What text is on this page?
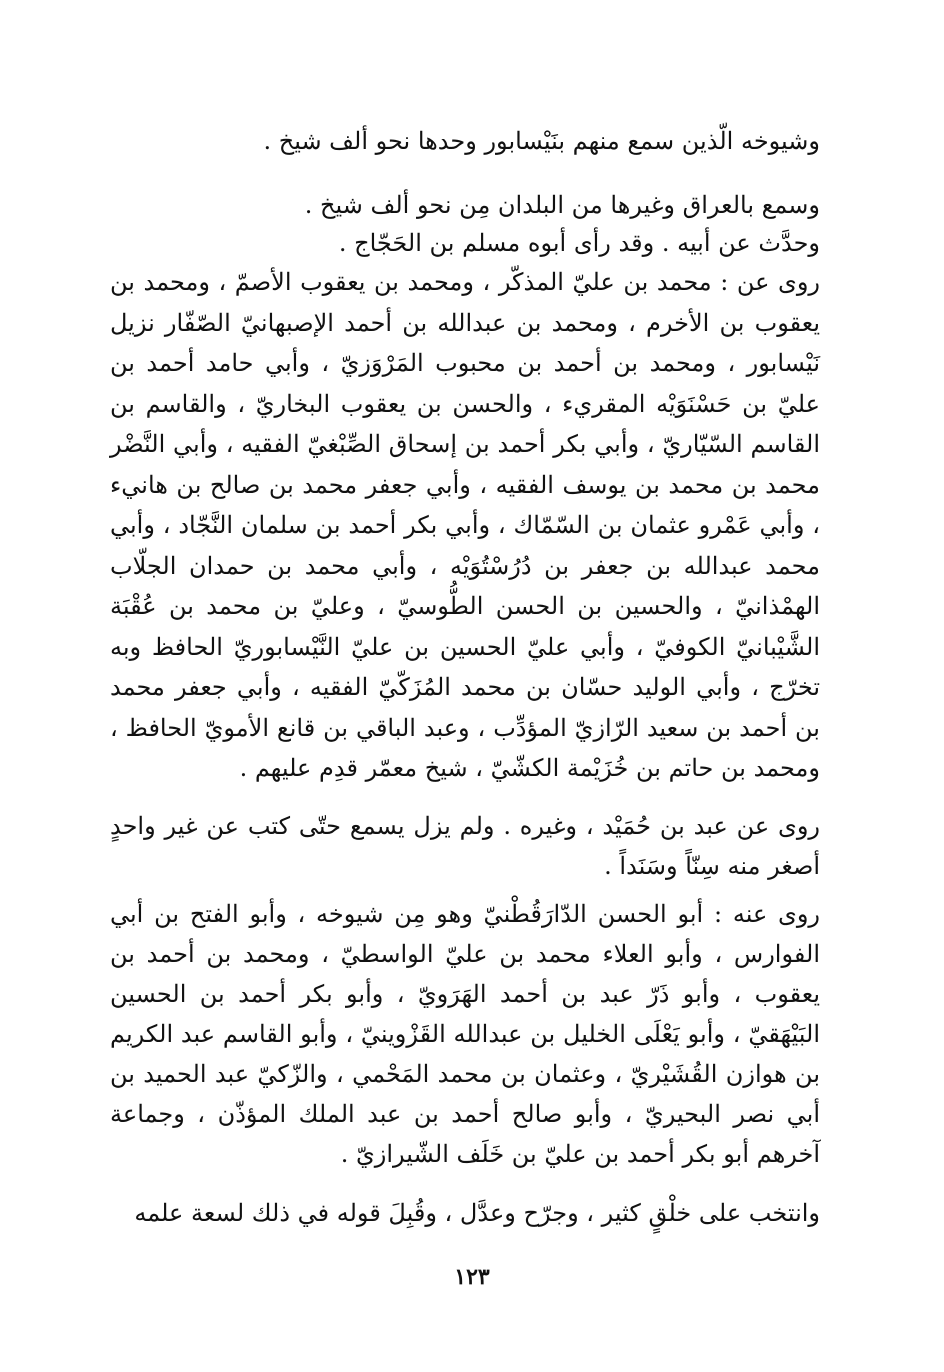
وشيوخه الّذين سمع منهم بنَيْسابور وحدها نحو ألف شيخ .

وسمع بالعراق وغيرها من البلدان مِن نحو ألف شيخ .

وحدَّث عن أبيه . وقد رأى أبوه مسلم بن الحَجّاج .

روى عن : محمد بن عليّ المذكّر ، ومحمد بن يعقوب الأصمّ ، ومحمد بن يعقوب بن الأخرم ، ومحمد بن عبدالله بن أحمد الإصبهانيّ الصّفّار نزيل نَيْسابور ، ومحمد بن أحمد بن محبوب المَرْوَزيّ ، وأبي حامد أحمد بن عليّ بن حَسْنَوَيْه المقريء ، والحسن بن يعقوب البخاريّ ، والقاسم بن القاسم السّيّاريّ ، وأبي بكر أحمد بن إسحاق الصِّبْغيّ الفقيه ، وأبي النَّضْر محمد بن محمد بن يوسف الفقيه ، وأبي جعفر محمد بن صالح بن هانيء ، وأبي عَمْرو عثمان بن السّمّاك ، وأبي بكر أحمد بن سلمان النَّجّاد ، وأبي محمد عبدالله بن جعفر بن دُرُسْتُوَيْه ، وأبي محمد بن حمدان الجلّاب الهمْذانيّ ، والحسين بن الحسن الطُّوسيّ ، وعليّ بن محمد بن عُقْبَة الشَّيْبانيّ الكوفيّ ، وأبي عليّ الحسين بن عليّ النَّيْسابوريّ الحافظ وبه تخرّج ، وأبي الوليد حسّان بن محمد المُزَكّيّ الفقيه ، وأبي جعفر محمد بن أحمد بن سعيد الرّازيّ المؤدِّب ، وعبد الباقي بن قانع الأمويّ الحافظ ، ومحمد بن حاتم بن خُزَيْمة الكشّيّ ، شيخ معمّر قدِم عليهم .

روى عن عبد بن حُمَيْد ، وغيره . ولم يزل يسمع حتّى كتب عن غير واحدٍ أصغر منه سِنّاً وسَنَداً .

روى عنه : أبو الحسن الدّارَقُطْنيّ وهو مِن شيوخه ، وأبو الفتح بن أبي الفوارس ، وأبو العلاء محمد بن عليّ الواسطيّ ، ومحمد بن أحمد بن يعقوب ، وأبو ذَرّ عبد بن أحمد الهَرَويّ ، وأبو بكر أحمد بن الحسين البَيْهَقيّ ، وأبو يَعْلَى الخليل بن عبدالله القَزْوينيّ ، وأبو القاسم عبد الكريم بن هوازن القُشَيْريّ ، وعثمان بن محمد المَحْمي ، والزّكيّ عبد الحميد بن أبي نصر البحيريّ ، وأبو صالح أحمد بن عبد الملك المؤذّن ، وجماعة آخرهم أبو بكر أحمد بن عليّ بن خَلَف الشّيرازيّ .

وانتخب على خلْقٍ كثير ، وجرّح وعدَّل ، وقُبِلَ قوله في ذلك لسعة علمه

١٢٣
